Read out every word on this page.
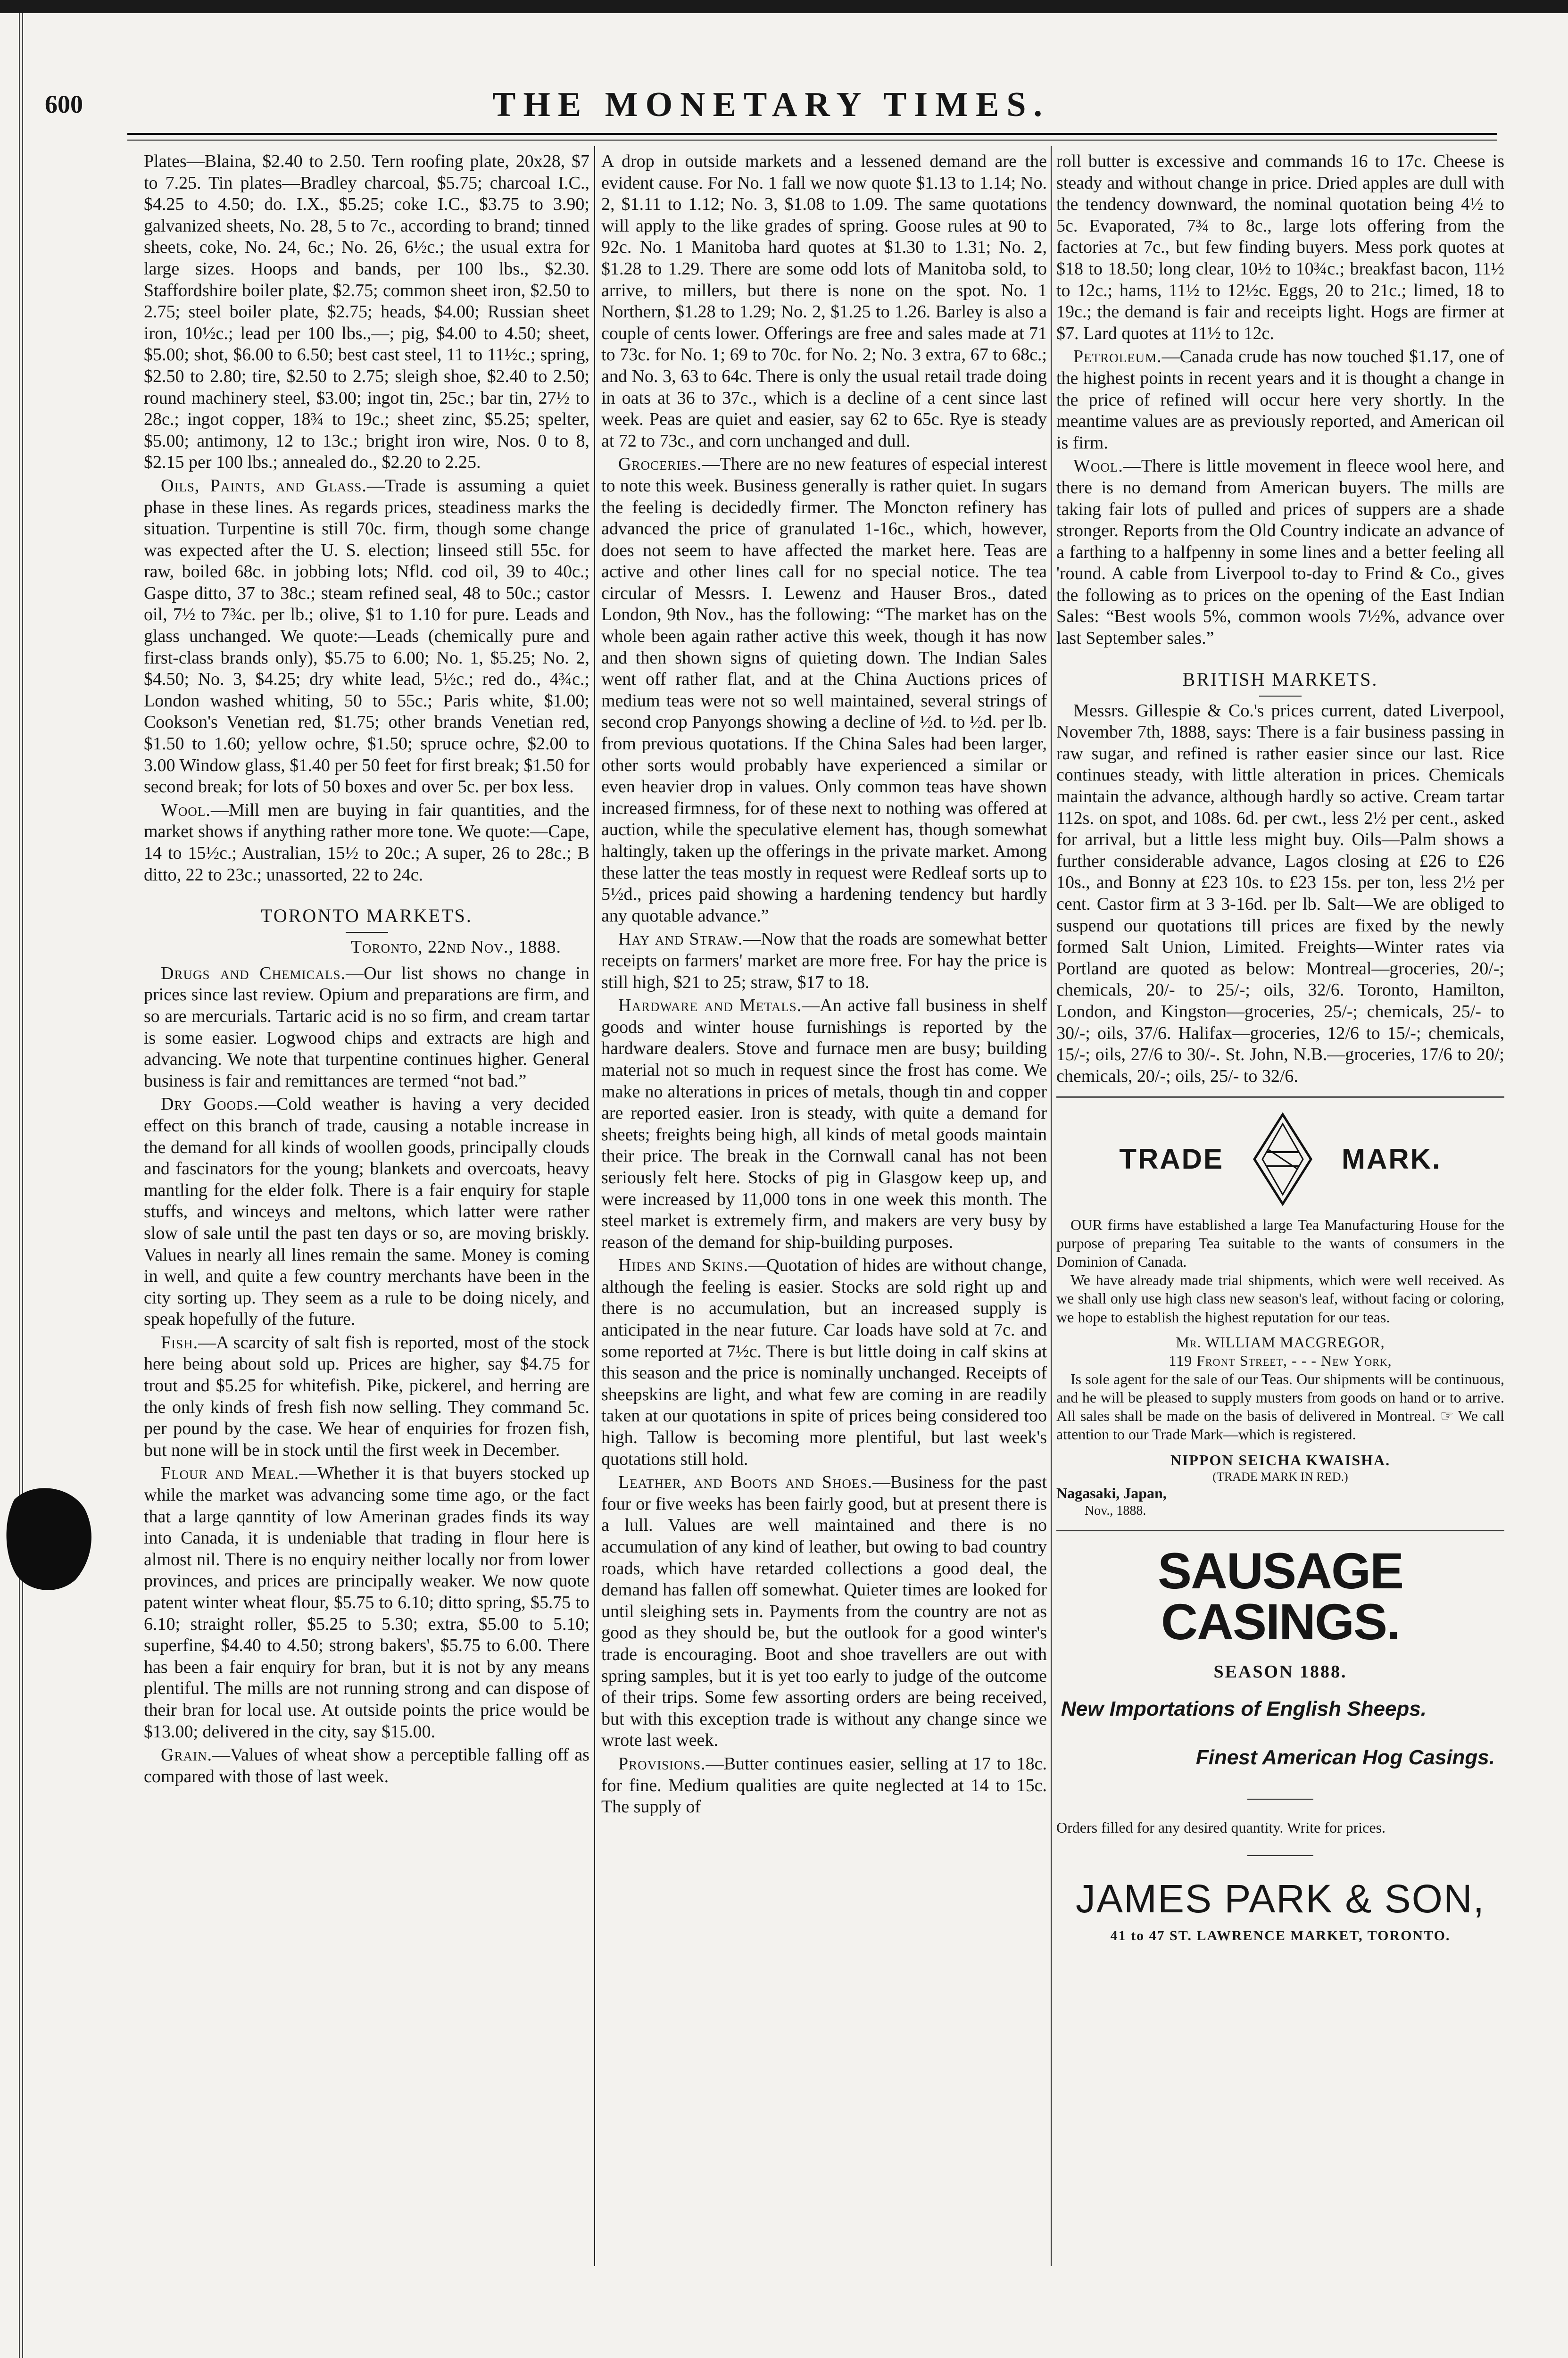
600	THE MONETARY TIMES.

Plates—Blaina, $2.40 to 2.50. Tern roofing plate, 20x28, $7 to 7.25. Tin plates—Bradley charcoal, $5.75; charcoal I.C., $4.25 to 4.50; do. I.X., $5.25; coke I.C., $3.75 to 3.90; galvanized sheets, No. 28, 5 to 7c., according to brand; tinned sheets, coke, No. 24, 6c.; No. 26, 6½c.; the usual extra for large sizes. Hoops and bands, per 100 lbs., $2.30. Staffordshire boiler plate, $2.75; common sheet iron, $2.50 to 2.75; steel boiler plate, $2.75; heads, $4.00; Russian sheet iron, 10½c.; lead per 100 lbs.,—; pig, $4.00 to 4.50; sheet, $5.00; shot, $6.00 to 6.50; best cast steel, 11 to 11½c.; spring, $2.50 to 2.80; tire, $2.50 to 2.75; sleigh shoe, $2.40 to 2.50; round machinery steel, $3.00; ingot tin, 25c.; bar tin, 27½ to 28c.; ingot copper, 18¾ to 19c.; sheet zinc, $5.25; spelter, $5.00; antimony, 12 to 13c.; bright iron wire, Nos. 0 to 8, $2.15 per 100 lbs.; annealed do., $2.20 to 2.25.

Oils, Paints, and Glass.—Trade is assuming a quiet phase in these lines. As regards prices, steadiness marks the situation. Turpentine is still 70c. firm, though some change was expected after the U. S. election; linseed still 55c. for raw, boiled 68c. in jobbing lots; Nfld. cod oil, 39 to 40c.; Gaspe ditto, 37 to 38c.; steam refined seal, 48 to 50c.; castor oil, 7½ to 7¾c. per lb.; olive, $1 to 1.10 for pure. Leads and glass unchanged. We quote:—Leads (chemically pure and first-class brands only), $5.75 to 6.00; No. 1, $5.25; No. 2, $4.50; No. 3, $4.25; dry white lead, 5½c.; red do., 4¾c.; London washed whiting, 50 to 55c.; Paris white, $1.00; Cookson's Venetian red, $1.75; other brands Venetian red, $1.50 to 1.60; yellow ochre, $1.50; spruce ochre, $2.00 to 3.00 Window glass, $1.40 per 50 feet for first break; $1.50 for second break; for lots of 50 boxes and over 5c. per box less.

Wool.—Mill men are buying in fair quantities, and the market shows if anything rather more tone. We quote:—Cape, 14 to 15½c.; Australian, 15½ to 20c.; A super, 26 to 28c.; B ditto, 22 to 23c.; unassorted, 22 to 24c.

TORONTO MARKETS.
Toronto, 22nd Nov., 1888.

Drugs and Chemicals.—Our list shows no change in prices since last review. Opium and preparations are firm, and so are mercurials. Tartaric acid is no so firm, and cream tartar is some easier. Logwood chips and extracts are high and advancing. We note that turpentine continues higher. General business is fair and remittances are termed “not bad.”

Dry Goods.—Cold weather is having a very decided effect on this branch of trade, causing a notable increase in the demand for all kinds of woollen goods, principally clouds and fascinators for the young; blankets and overcoats, heavy mantling for the elder folk. There is a fair enquiry for staple stuffs, and winceys and meltons, which latter were rather slow of sale until the past ten days or so, are moving briskly. Values in nearly all lines remain the same. Money is coming in well, and quite a few country merchants have been in the city sorting up. They seem as a rule to be doing nicely, and speak hopefully of the future.

Fish.—A scarcity of salt fish is reported, most of the stock here being about sold up. Prices are higher, say $4.75 for trout and $5.25 for whitefish. Pike, pickerel, and herring are the only kinds of fresh fish now selling. They command 5c. per pound by the case. We hear of enquiries for frozen fish, but none will be in stock until the first week in December.

Flour and Meal.—Whether it is that buyers stocked up while the market was advancing some time ago, or the fact that a large qanntity of low Amerinan grades finds its way into Canada, it is undeniable that trading in flour here is almost nil. There is no enquiry neither locally nor from lower provinces, and prices are principally weaker. We now quote patent winter wheat flour, $5.75 to 6.10; ditto spring, $5.75 to 6.10; straight roller, $5.25 to 5.30; extra, $5.00 to 5.10; superfine, $4.40 to 4.50; strong bakers', $5.75 to 6.00. There has been a fair enquiry for bran, but it is not by any means plentiful. The mills are not running strong and can dispose of their bran for local use. At outside points the price would be $13.00; delivered in the city, say $15.00.

Grain.—Values of wheat show a perceptible falling off as compared with those of last week.

A drop in outside markets and a lessened demand are the evident cause. For No. 1 fall we now quote $1.13 to 1.14; No. 2, $1.11 to 1.12; No. 3, $1.08 to 1.09. The same quotations will apply to the like grades of spring. Goose rules at 90 to 92c. No. 1 Manitoba hard quotes at $1.30 to 1.31; No. 2, $1.28 to 1.29. There are some odd lots of Manitoba sold, to arrive, to millers, but there is none on the spot. No. 1 Northern, $1.28 to 1.29; No. 2, $1.25 to 1.26. Barley is also a couple of cents lower. Offerings are free and sales made at 71 to 73c. for No. 1; 69 to 70c. for No. 2; No. 3 extra, 67 to 68c.; and No. 3, 63 to 64c. There is only the usual retail trade doing in oats at 36 to 37c., which is a decline of a cent since last week. Peas are quiet and easier, say 62 to 65c. Rye is steady at 72 to 73c., and corn unchanged and dull.

Groceries.—There are no new features of especial interest to note this week. Business generally is rather quiet. In sugars the feeling is decidedly firmer. The Moncton refinery has advanced the price of granulated 1-16c., which, however, does not seem to have affected the market here. Teas are active and other lines call for no special notice. The tea circular of Messrs. I. Lewenz and Hauser Bros., dated London, 9th Nov., has the following: “The market has on the whole been again rather active this week, though it has now and then shown signs of quieting down. The Indian Sales went off rather flat, and at the China Auctions prices of medium teas were not so well maintained, several strings of second crop Panyongs showing a decline of ½d. to ½d. per lb. from previous quotations. If the China Sales had been larger, other sorts would probably have experienced a similar or even heavier drop in values. Only common teas have shown increased firmness, for of these next to nothing was offered at auction, while the speculative element has, though somewhat haltingly, taken up the offerings in the private market. Among these latter the teas mostly in request were Redleaf sorts up to 5½d., prices paid showing a hardening tendency but hardly any quotable advance.”

Hay and Straw.—Now that the roads are somewhat better receipts on farmers' market are more free. For hay the price is still high, $21 to 25; straw, $17 to 18.

Hardware and Metals.—An active fall business in shelf goods and winter house furnishings is reported by the hardware dealers. Stove and furnace men are busy; building material not so much in request since the frost has come. We make no alterations in prices of metals, though tin and copper are reported easier. Iron is steady, with quite a demand for sheets; freights being high, all kinds of metal goods maintain their price. The break in the Cornwall canal has not been seriously felt here. Stocks of pig in Glasgow keep up, and were increased by 11,000 tons in one week this month. The steel market is extremely firm, and makers are very busy by reason of the demand for ship-building purposes.

Hides and Skins.—Quotation of hides are without change, although the feeling is easier. Stocks are sold right up and there is no accumulation, but an increased supply is anticipated in the near future. Car loads have sold at 7c. and some reported at 7½c. There is but little doing in calf skins at this season and the price is nominally unchanged. Receipts of sheepskins are light, and what few are coming in are readily taken at our quotations in spite of prices being considered too high. Tallow is becoming more plentiful, but last week's quotations still hold.

Leather, and Boots and Shoes.—Business for the past four or five weeks has been fairly good, but at present there is a lull. Values are well maintained and there is no accumulation of any kind of leather, but owing to bad country roads, which have retarded collections a good deal, the demand has fallen off somewhat. Quieter times are looked for until sleighing sets in. Payments from the country are not as good as they should be, but the outlook for a good winter's trade is encouraging. Boot and shoe travellers are out with spring samples, but it is yet too early to judge of the outcome of their trips. Some few assorting orders are being received, but with this exception trade is without any change since we wrote last week.

Provisions.—Butter continues easier, selling at 17 to 18c. for fine. Medium qualities are quite neglected at 14 to 15c. The supply of

roll butter is excessive and commands 16 to 17c. Cheese is steady and without change in price. Dried apples are dull with the tendency downward, the nominal quotation being 4½ to 5c. Evaporated, 7¾ to 8c., large lots offering from the factories at 7c., but few finding buyers. Mess pork quotes at $18 to 18.50; long clear, 10½ to 10¾c.; breakfast bacon, 11½ to 12c.; hams, 11½ to 12½c. Eggs, 20 to 21c.; limed, 18 to 19c.; the demand is fair and receipts light. Hogs are firmer at $7. Lard quotes at 11½ to 12c.

Petroleum.—Canada crude has now touched $1.17, one of the highest points in recent years and it is thought a change in the price of refined will occur here very shortly. In the meantime values are as previously reported, and American oil is firm.

Wool.—There is little movement in fleece wool here, and there is no demand from American buyers. The mills are taking fair lots of pulled and prices of suppers are a shade stronger. Reports from the Old Country indicate an advance of a farthing to a halfpenny in some lines and a better feeling all 'round. A cable from Liverpool to-day to Frind & Co., gives the following as to prices on the opening of the East Indian Sales: “Best wools 5%, common wools 7½%, advance over last September sales.”

BRITISH MARKETS.

Messrs. Gillespie & Co.'s prices current, dated Liverpool, November 7th, 1888, says: There is a fair business passing in raw sugar, and refined is rather easier since our last. Rice continues steady, with little alteration in prices. Chemicals maintain the advance, although hardly so active. Cream tartar 112s. on spot, and 108s. 6d. per cwt., less 2½ per cent., asked for arrival, but a little less might buy. Oils—Palm shows a further considerable advance, Lagos closing at £26 to £26 10s., and Bonny at £23 10s. to £23 15s. per ton, less 2½ per cent. Castor firm at 3 3-16d. per lb. Salt—We are obliged to suspend our quotations till prices are fixed by the newly formed Salt Union, Limited. Freights—Winter rates via Portland are quoted as below: Montreal—groceries, 20/-; chemicals, 20/- to 25/-; oils, 32/6. Toronto, Hamilton, London, and Kingston—groceries, 25/-; chemicals, 25/- to 30/-; oils, 37/6. Halifax—groceries, 12/6 to 15/-; chemicals, 15/-; oils, 27/6 to 30/-. St. John, N.B.—groceries, 17/6 to 20/; chemicals, 20/-; oils, 25/- to 32/6.

TRADE	MARK.

OUR firms have established a large Tea Manufacturing House for the purpose of preparing Tea suitable to the wants of consumers in the Dominion of Canada.

We have already made trial shipments, which were well received. As we shall only use high class new season's leaf, without facing or coloring, we hope to establish the highest reputation for our teas.

Mr. WILLIAM MACGREGOR,

119 Front Street, - - - New York,

Is sole agent for the sale of our Teas. Our shipments will be continuous, and he will be pleased to supply musters from goods on hand or to arrive. All sales shall be made on the basis of delivered in Montreal. ☞ We call attention to our Trade Mark—which is registered.

NIPPON SEICHA KWAISHA.

(TRADE MARK IN RED.)

Nagasaki, Japan,

Nov., 1888.

SAUSAGE CASINGS.
SEASON 1888.
New Importations of English Sheeps.
Finest American Hog Casings.

Orders filled for any desired quantity. Write for prices.

JAMES PARK & SON,
41 to 47 ST. LAWRENCE MARKET, TORONTO.
